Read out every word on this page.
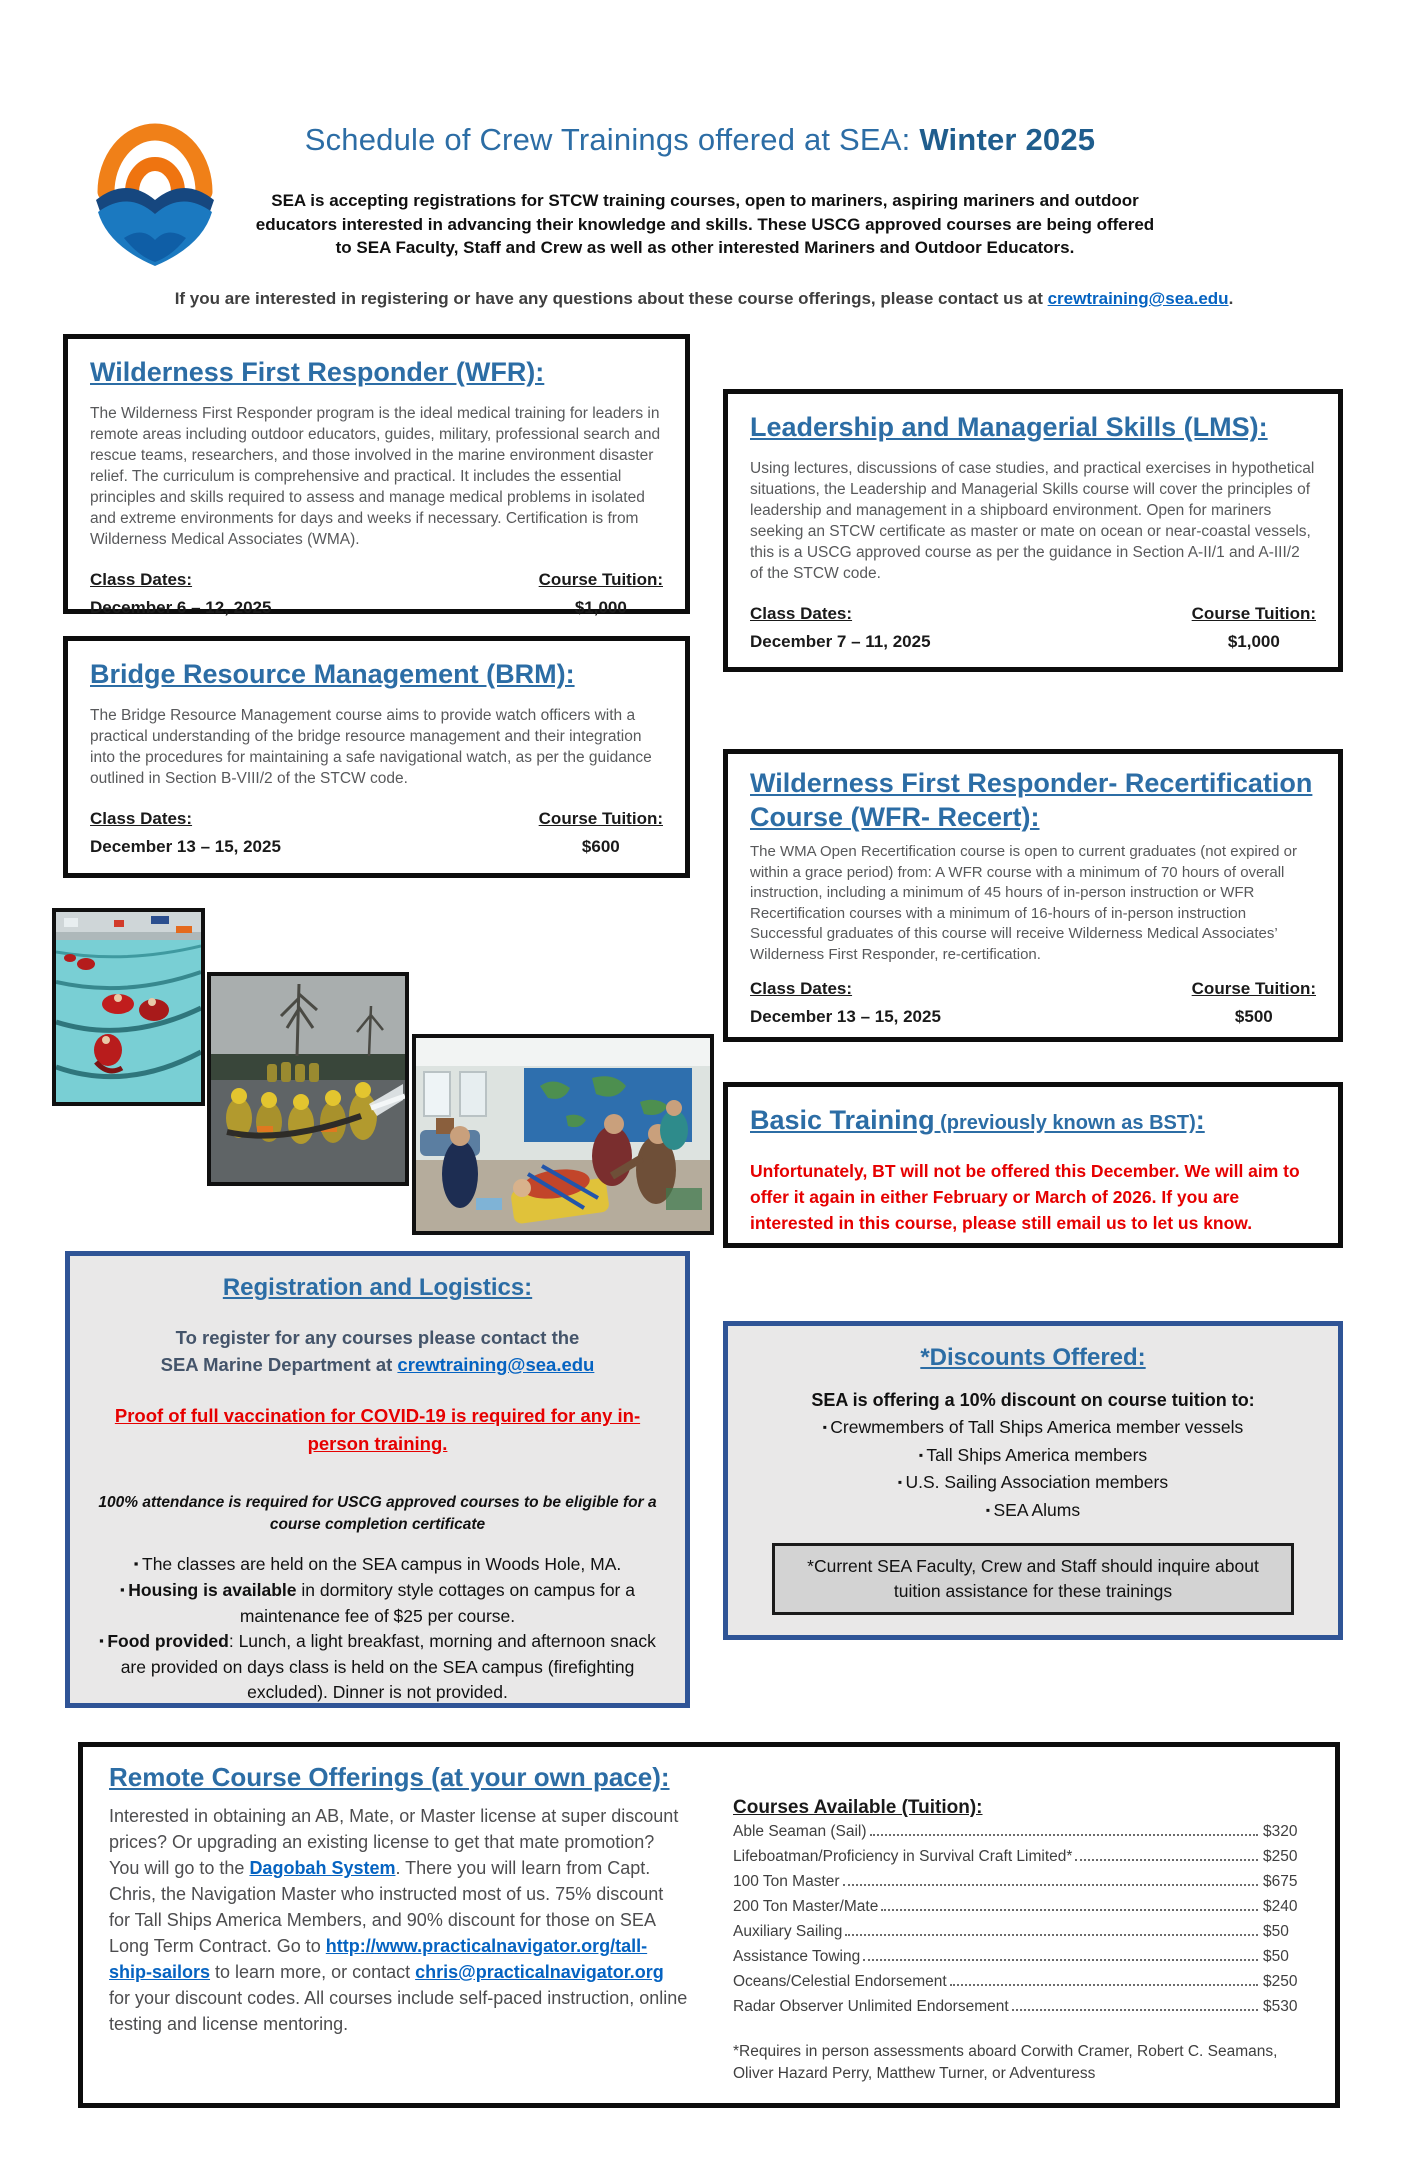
Schedule of Crew Trainings offered at SEA: Winter 2025

SEA is accepting registrations for STCW training courses, open to mariners, aspiring mariners and outdoor educators interested in advancing their knowledge and skills. These USCG approved courses are being offered to SEA Faculty, Staff and Crew as well as other interested Mariners and Outdoor Educators.

If you are interested in registering or have any questions about these course offerings, please contact us at crewtraining@sea.edu.

Wilderness First Responder (WFR):

The Wilderness First Responder program is the ideal medical training for leaders in remote areas including outdoor educators, guides, military, professional search and rescue teams, researchers, and those involved in the marine environment disaster relief. The curriculum is comprehensive and practical. It includes the essential principles and skills required to assess and manage medical problems in isolated and extreme environments for days and weeks if necessary. Certification is from Wilderness Medical Associates (WMA).

Class Dates:
December 6 – 12, 2025
Course Tuition:
$1,000
Bridge Resource Management (BRM):

The Bridge Resource Management course aims to provide watch officers with a practical understanding of the bridge resource management and their integration into the procedures for maintaining a safe navigational watch, as per the guidance outlined in Section B-VIII/2 of the STCW code.

Class Dates:
December 13 – 15, 2025
Course Tuition:
$600
Leadership and Managerial Skills (LMS):

Using lectures, discussions of case studies, and practical exercises in hypothetical situations, the Leadership and Managerial Skills course will cover the principles of leadership and management in a shipboard environment. Open for mariners seeking an STCW certificate as master or mate on ocean or near-coastal vessels, this is a USCG approved course as per the guidance in Section A-II/1 and A-III/2 of the STCW code.

Class Dates:
December 7 – 11, 2025
Course Tuition:
$1,000
Wilderness First Responder- Recertification Course (WFR- Recert):

The WMA Open Recertification course is open to current graduates (not expired or within a grace period) from: A WFR course with a minimum of 70 hours of overall instruction, including a minimum of 45 hours of in-person instruction or WFR Recertification courses with a minimum of 16-hours of in-person instruction Successful graduates of this course will receive Wilderness Medical Associates’ Wilderness First Responder, re-certification.

Class Dates:
December 13 – 15, 2025
Course Tuition:
$500
Basic Training (previously known as BST):

Unfortunately, BT will not be offered this December. We will aim to offer it again in either February or March of 2026. If you are interested in this course, please still email us to let us know.

Registration and Logistics:

To register for any courses please contact the
SEA Marine Department at crewtraining@sea.edu

Proof of full vaccination for COVID-19 is required for any in-person training.

100% attendance is required for USCG approved courses to be eligible for a course completion certificate

▪ The classes are held on the SEA campus in Woods Hole, MA.
▪ Housing is available in dormitory style cottages on campus for a maintenance fee of $25 per course.
▪ Food provided: Lunch, a light breakfast, morning and afternoon snack are provided on days class is held on the SEA campus (firefighting excluded). Dinner is not provided.
*Discounts Offered:

SEA is offering a 10% discount on course tuition to:

▪ Crewmembers of Tall Ships America member vessels
▪ Tall Ships America members
▪ U.S. Sailing Association members
▪ SEA Alums
*Current SEA Faculty, Crew and Staff should inquire about tuition assistance for these trainings
Remote Course Offerings (at your own pace):

Interested in obtaining an AB, Mate, or Master license at super discount prices? Or upgrading an existing license to get that mate promotion? You will go to the Dagobah System. There you will learn from Capt. Chris, the Navigation Master who instructed most of us. 75% discount for Tall Ships America Members, and 90% discount for those on SEA Long Term Contract. Go to http://www.practicalnavigator.org/tall-ship-sailors to learn more, or contact chris@practicalnavigator.org for your discount codes. All courses include self-paced instruction, online testing and license mentoring.

Courses Available (Tuition):
Able Seaman (Sail)	$320
Lifeboatman/Proficiency in Survival Craft Limited*	$250
100 Ton Master	$675
200 Ton Master/Mate	$240
Auxiliary Sailing	$50
Assistance Towing	$50
Oceans/Celestial Endorsement	$250
Radar Observer Unlimited Endorsement	$530

*Requires in person assessments aboard Corwith Cramer, Robert C. Seamans, Oliver Hazard Perry, Matthew Turner, or Adventuress
